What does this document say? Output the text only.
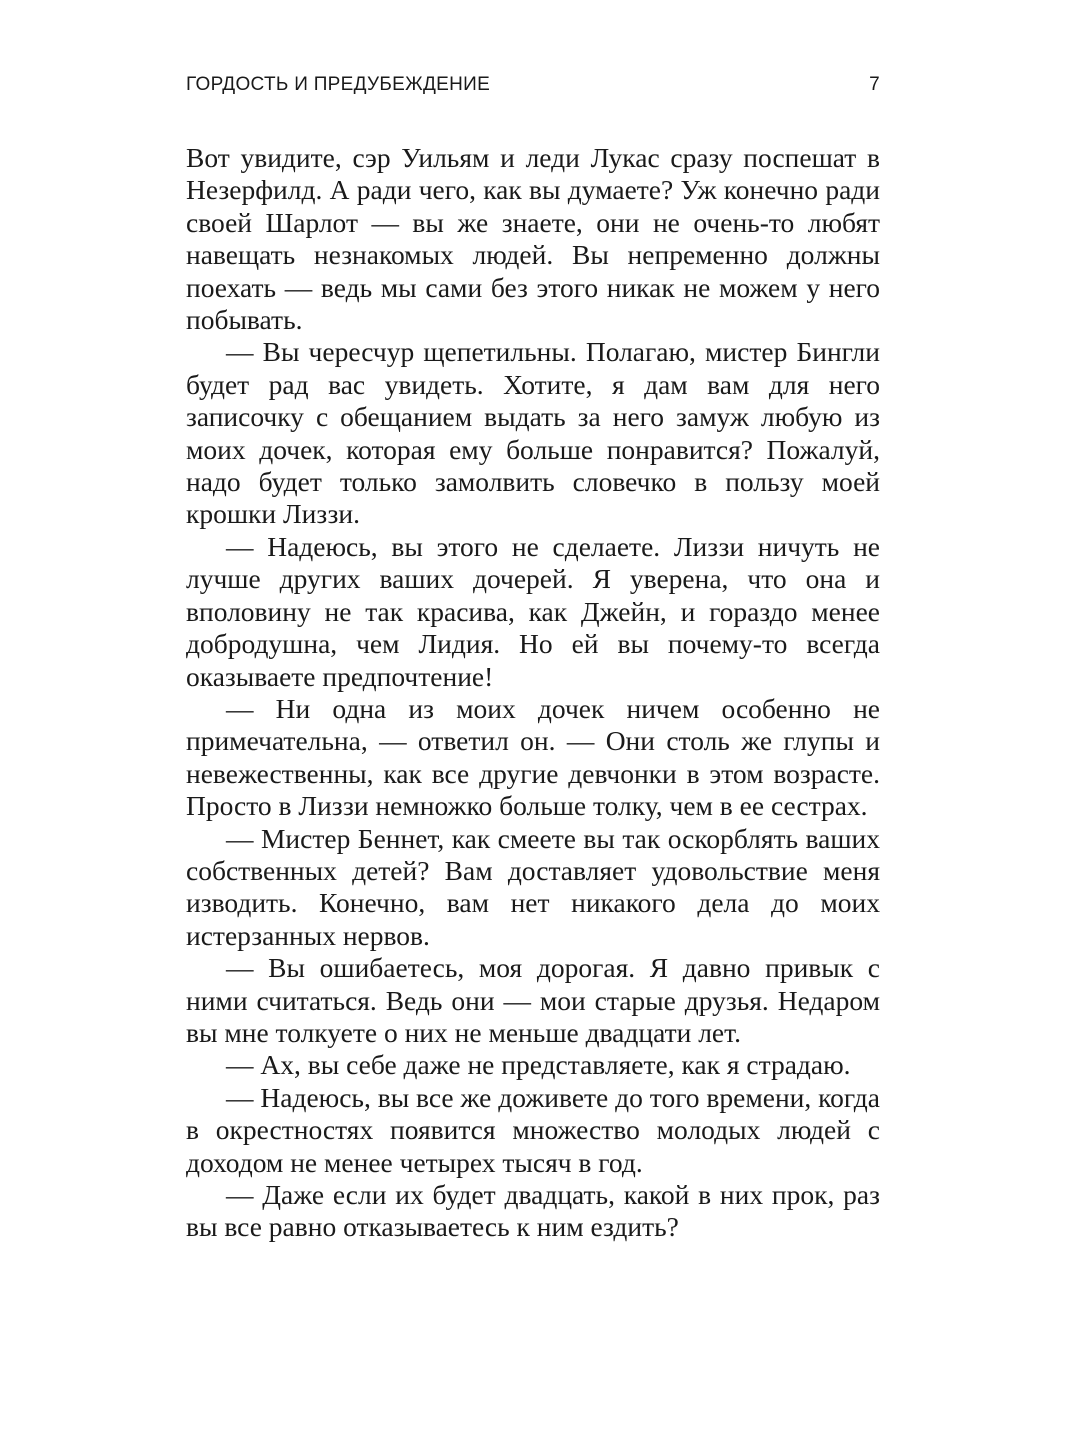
ГОРДОСТЬ И ПРЕДУБЕЖДЕНИЕ	7

Вот увидите, сэр Уильям и леди Лукас сразу поспешат в Незерфилд. А ради чего, как вы думаете? Уж конечно ради своей Шарлот — вы же знаете, они не очень-то любят навещать незнакомых людей. Вы непременно должны поехать — ведь мы сами без этого никак не можем у него побывать.

— Вы чересчур щепетильны. Полагаю, мистер Бингли будет рад вас увидеть. Хотите, я дам вам для него записочку с обещанием выдать за него замуж любую из моих дочек, которая ему больше понравится? Пожалуй, надо будет только замолвить словечко в пользу моей крошки Лиззи.

— Надеюсь, вы этого не сделаете. Лиззи ничуть не лучше других ваших дочерей. Я уверена, что она и вполовину не так красива, как Джейн, и гораздо менее добродушна, чем Лидия. Но ей вы почему-то всегда оказываете предпочтение!

— Ни одна из моих дочек ничем особенно не примечательна, — ответил он. — Они столь же глупы и невежественны, как все другие девчонки в этом возрасте. Просто в Лиззи немножко больше толку, чем в ее сестрах.

— Мистер Беннет, как смеете вы так оскорблять ваших собственных детей? Вам доставляет удовольствие меня изводить. Конечно, вам нет никакого дела до моих истерзанных нервов.

— Вы ошибаетесь, моя дорогая. Я давно привык с ними считаться. Ведь они — мои старые друзья. Недаром вы мне толкуете о них не меньше двадцати лет.

— Ах, вы себе даже не представляете, как я страдаю.

— Надеюсь, вы все же доживете до того времени, когда в окрестностях появится множество молодых людей с доходом не менее четырех тысяч в год.

— Даже если их будет двадцать, какой в них прок, раз вы все равно отказываетесь к ним ездить?
